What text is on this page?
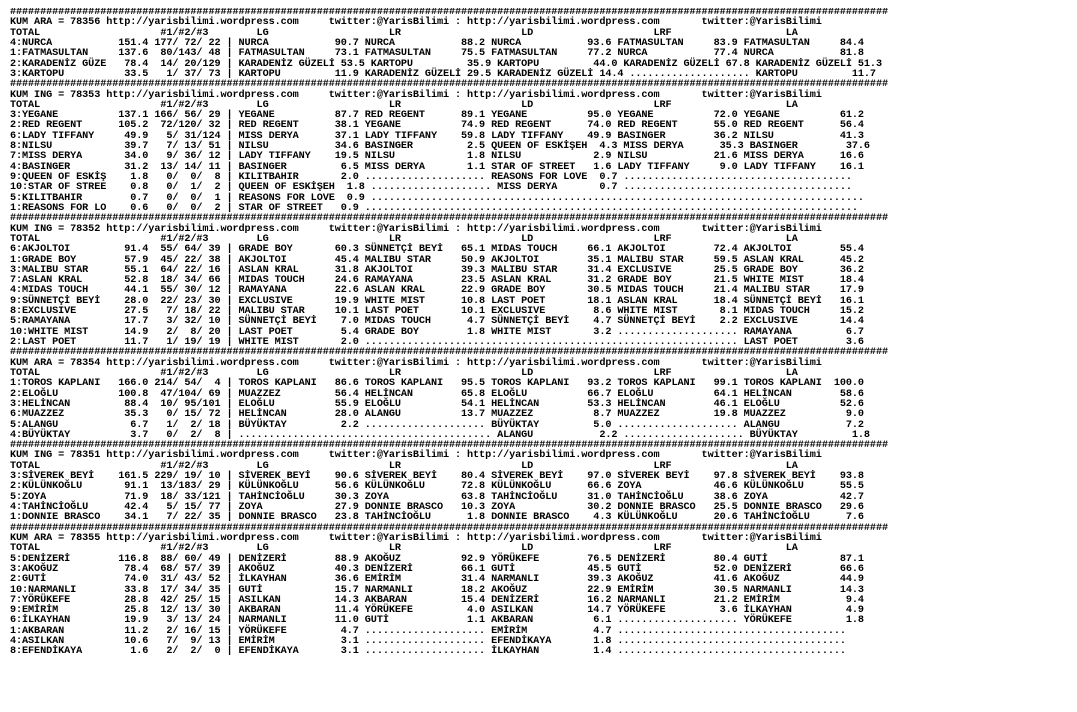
##################################################################################################################################################
KUM ARA = 78356 http://yarisbilimi.wordpress.com     twitter:@YarisBilimi : http://yarisbilimi.wordpress.com       twitter:@YarisBilimi
TOTAL                    #1/#2/#3        LG                    LR                    LD                    LRF                   LA
4:NURCA           151.4 177/ 72/ 22 | NURCA           90.7 NURCA           88.2 NURCA           93.6 FATMASULTAN     83.9 FATMASULTAN     84.4
1:FATMASULTAN     137.6  80/143/ 48 | FATMASULTAN     73.1 FATMASULTAN     75.5 FATMASULTAN     77.2 NURCA           77.4 NURCA           81.8
2:KARADENİZ GÜZE   78.4  14/ 20/129 | KARADENİZ GÜZELİ 53.5 KARTOPU         35.9 KARTOPU         44.0 KARADENİZ GÜZELİ 67.8 KARADENİZ GÜZELİ 51.3
3:KARTOPU          33.5   1/ 37/ 73 | KARTOPU         11.9 KARADENİZ GÜZELİ 29.5 KARADENİZ GÜZELİ 14.4 .................... KARTOPU         11.7
##################################################################################################################################################
KUM ING = 78353 http://yarisbilimi.wordpress.com     twitter:@YarisBilimi : http://yarisbilimi.wordpress.com       twitter:@YarisBilimi
TOTAL                    #1/#2/#3        LG                    LR                    LD                    LRF                   LA
3:YEGANE          137.1 166/ 56/ 29 | YEGANE          87.7 RED REGENT      89.1 YEGANE          95.0 YEGANE          72.0 YEGANE          61.2
2:RED REGENT      105.2  72/120/ 32 | RED REGENT      38.1 YEGANE          74.9 RED REGENT      74.0 RED REGENT      55.0 RED REGENT      56.4
6:LADY TIFFANY     49.9   5/ 31/124 | MISS DERYA      37.1 LADY TIFFANY    59.8 LADY TIFFANY    49.9 BASINGER        36.2 NILSU           41.3
8:NILSU            39.7   7/ 13/ 51 | NILSU           34.6 BASINGER         2.5 QUEEN OF ESKİŞEH  4.3 MISS DERYA      35.3 BASINGER        37.6
7:MISS DERYA       34.0   9/ 36/ 12 | LADY TIFFANY    19.5 NILSU            1.8 NILSU            2.9 NILSU           21.6 MISS DERYA      16.6
4:BASINGER         31.2  13/ 14/ 11 | BASINGER         6.5 MISS DERYA       1.1 STAR OF STREET   1.6 LADY TIFFANY     9.0 LADY TIFFANY    16.1
9:QUEEN OF ESKİŞ    1.8   0/  0/  8 | KILITBAHIR       2.0 .................... REASONS FOR LOVE  0.7 ......................................
10:STAR OF STREE    0.8   0/  1/  2 | QUEEN OF ESKİŞEH  1.8 .................... MISS DERYA       0.7 ......................................
5:KILITBAHIR        0.7   0/  0/  1 | REASONS FOR LOVE  0.9 ..................................................................................
1:REASONS FOR LO    0.6   0/  0/  2 | STAR OF STREET   0.9 ..................................................................................
##################################################################################################################################################
KUM ING = 78352 http://yarisbilimi.wordpress.com     twitter:@YarisBilimi : http://yarisbilimi.wordpress.com       twitter:@YarisBilimi
TOTAL                    #1/#2/#3        LG                    LR                    LD                    LRF                   LA
6:AKJOLTOI         91.4  55/ 64/ 39 | GRADE BOY       60.3 SÜNNETÇİ BEYİ   65.1 MIDAS TOUCH     66.1 AKJOLTOI        72.4 AKJOLTOI        55.4
1:GRADE BOY        57.9  45/ 22/ 38 | AKJOLTOI        45.4 MALIBU STAR     50.9 AKJOLTOI        35.1 MALIBU STAR     59.5 ASLAN KRAL      45.2
3:MALIBU STAR      55.1  64/ 22/ 16 | ASLAN KRAL      31.8 AKJOLTOI        39.3 MALIBU STAR     31.4 EXCLUSIVE       25.5 GRADE BOY       36.2
7:ASLAN KRAL       52.8  18/ 34/ 66 | MIDAS TOUCH     24.6 RAMAYANA        23.5 ASLAN KRAL      31.2 GRADE BOY       21.5 WHITE MIST      18.4
4:MIDAS TOUCH      44.1  55/ 30/ 12 | RAMAYANA        22.6 ASLAN KRAL      22.9 GRADE BOY       30.5 MIDAS TOUCH     21.4 MALIBU STAR     17.9
9:SÜNNETÇİ BEYİ    28.0  22/ 23/ 30 | EXCLUSIVE       19.9 WHITE MIST      10.8 LAST POET       18.1 ASLAN KRAL      18.4 SÜNNETÇİ BEYİ   16.1
8:EXCLUSIVE        27.5   7/ 18/ 22 | MALIBU STAR     10.1 LAST POET       10.1 EXCLUSIVE        8.6 WHITE MIST       8.1 MIDAS TOUCH     15.2
5:RAMAYANA         17.7   3/ 32/ 10 | SÜNNETÇİ BEYİ    7.0 MIDAS TOUCH      4.7 SÜNNETÇİ BEYİ    4.7 SÜNNETÇİ BEYİ    2.2 EXCLUSIVE       14.4
10:WHITE MIST      14.9   2/  8/ 20 | LAST POET        5.4 GRADE BOY        1.8 WHITE MIST       3.2 .................... RAMAYANA         6.7
2:LAST POET        11.7   1/ 19/ 19 | WHITE MIST       2.0 .............................................................. LAST POET        3.6
##################################################################################################################################################
KUM ARA = 78354 http://yarisbilimi.wordpress.com     twitter:@YarisBilimi : http://yarisbilimi.wordpress.com       twitter:@YarisBilimi
TOTAL                    #1/#2/#3        LG                    LR                    LD                    LRF                   LA
1:TOROS KAPLANI   166.0 214/ 54/  4 | TOROS KAPLANI   86.6 TOROS KAPLANI   95.5 TOROS KAPLANI   93.2 TOROS KAPLANI   99.1 TOROS KAPLANI  100.0
2:ELOĞLU          100.8  47/104/ 69 | MUAZZEZ         56.4 HELİNCAN        65.8 ELOĞLU          66.7 ELOĞLU          64.1 HELİNCAN        58.6
3:HELİNCAN         88.4  10/ 95/101 | ELOĞLU          55.9 ELOĞLU          54.1 HELİNCAN        53.3 HELİNCAN        46.1 ELOĞLU          52.6
6:MUAZZEZ          35.3   0/ 15/ 72 | HELİNCAN        28.0 ALANGU          13.7 MUAZZEZ          8.7 MUAZZEZ         19.8 MUAZZEZ          9.0
5:ALANGU            6.7   1/  2/ 18 | BÜYÜKTAY         2.2 .................... BÜYÜKTAY         5.0 .................... ALANGU           7.2
4:BÜYÜKTAY          3.7   0/  2/  8 | .......................................... ALANGU           2.2 .................... BÜYÜKTAY         1.8
##################################################################################################################################################
KUM ING = 78351 http://yarisbilimi.wordpress.com     twitter:@YarisBilimi : http://yarisbilimi.wordpress.com       twitter:@YarisBilimi
TOTAL                    #1/#2/#3        LG                    LR                    LD                    LRF                   LA
3:SİVEREK BEYİ    161.5 229/ 19/ 10 | SİVEREK BEYİ    90.6 SİVEREK BEYİ    80.4 SİVEREK BEYİ    97.0 SİVEREK BEYİ    97.8 SİVEREK BEYİ    93.8
2:KÜLÜNKOĞLU       91.1  13/183/ 29 | KÜLÜNKOĞLU      56.6 KÜLÜNKOĞLU      72.8 KÜLÜNKOĞLU      66.6 ZOYA            46.6 KÜLÜNKOĞLU      55.5
5:ZOYA             71.9  18/ 33/121 | TAHİNCİOĞLU     30.3 ZOYA            63.8 TAHİNCİOĞLU     31.0 TAHİNCİOĞLU     38.6 ZOYA            42.7
4:TAHİNCİOĞLU      42.4   5/ 15/ 77 | ZOYA            27.9 DONNIE BRASCO   10.3 ZOYA            30.2 DONNIE BRASCO   25.5 DONNIE BRASCO   29.6
1:DONNIE BRASCO    34.1   7/ 22/ 35 | DONNIE BRASCO   23.8 TAHİNCİOĞLU      1.8 DONNIE BRASCO    4.3 KÜLÜNKOĞLU      20.6 TAHİNCİOĞLU      7.6
##################################################################################################################################################
KUM ARA = 78355 http://yarisbilimi.wordpress.com     twitter:@YarisBilimi : http://yarisbilimi.wordpress.com       twitter:@YarisBilimi
TOTAL                    #1/#2/#3        LG                    LR                    LD                    LRF                   LA
5:DENİZERİ        116.8  88/ 60/ 49 | DENİZERİ        88.9 AKOĞUZ          92.9 YÖRÜKEFE        76.5 DENİZERİ        80.4 GUTİ            87.1
3:AKOĞUZ           78.4  68/ 57/ 39 | AKOĞUZ          40.3 DENİZERİ        66.1 GUTİ            45.5 GUTİ            52.0 DENİZERİ        66.6
2:GUTİ             74.0  31/ 43/ 52 | İLKAYHAN        36.6 EMİRİM          31.4 NARMANLI        39.3 AKOĞUZ          41.6 AKOĞUZ          44.9
10:NARMANLI        33.8  17/ 34/ 35 | GUTİ            15.7 NARMANLI        18.2 AKOĞUZ          22.9 EMİRİM          30.5 NARMANLI        14.3
7:YÖRÜKEFE         28.8  42/ 25/ 15 | ASILKAN         14.3 AKBARAN         15.4 DENİZERİ        16.2 NARMANLI        21.2 EMİRİM           9.4
9:EMİRİM           25.8  12/ 13/ 30 | AKBARAN         11.4 YÖRÜKEFE         4.0 ASILKAN         14.7 YÖRÜKEFE         3.6 İLKAYHAN         4.9
6:İLKAYHAN         19.9   3/ 13/ 24 | NARMANLI        11.0 GUTİ             1.1 AKBARAN          6.1 .................... YÖRÜKEFE         1.8
1:AKBARAN          11.2   2/ 16/ 15 | YÖRÜKEFE         4.7 .................... EMİRİM           4.7 ......................................
4:ASILKAN          10.6   7/  9/ 13 | EMİRİM           3.1 .................... EFENDİKAYA       1.8 ......................................
8:EFENDİKAYA        1.6   2/  2/  0 | EFENDİKAYA       3.1 .................... İLKAYHAN         1.4 ......................................
